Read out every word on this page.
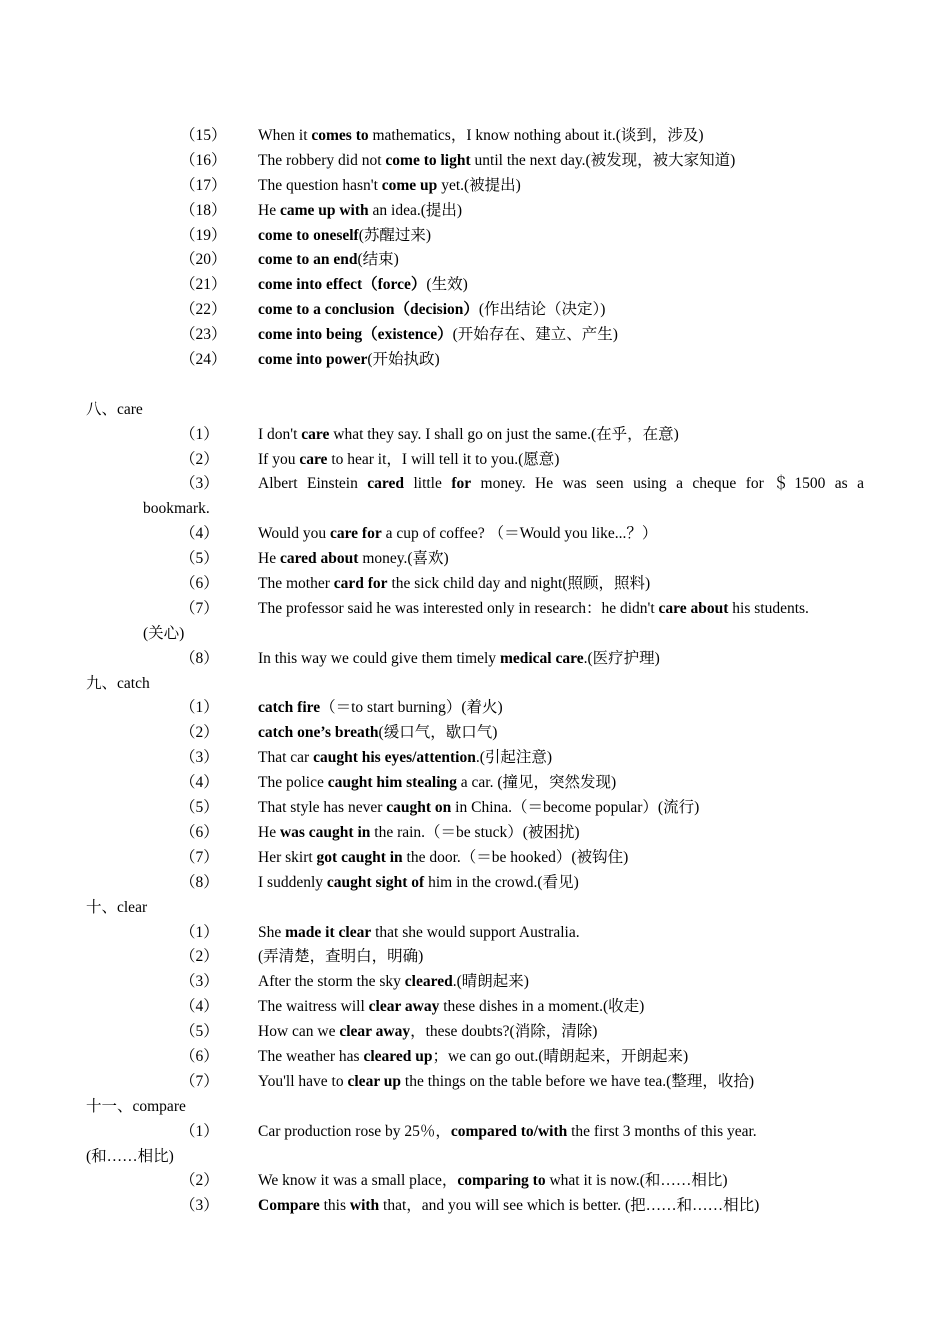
（15）	When it comes to mathematics，I know nothing about it.(谈到，涉及)
（16）	The robbery did not come to light until the next day.(被发现，被大家知道)
（17）	The question hasn't come up yet.(被提出)
（18）	He came up with an idea.(提出)
（19）	come to oneself(苏醒过来)
（20）	come to an end(结束)
（21）	come into effect（force）(生效)
（22）	come to a conclusion（decision）(作出结论（决定）)
（23）	come into being（existence）(开始存在、建立、产生)
（24）	come into power(开始执政)
八、care
（1）	I don't care what they say. I shall go on just the same.(在乎，在意)
（2）	If you care to hear it，I will tell it to you.(愿意)
（3）	Albert Einstein cared little for money. He was seen using a cheque for ＄1500 as a
bookmark.
（4）	Would you care for a cup of coffee? （＝Would you like...？）
（5）	He cared about money.(喜欢)
（6）	The mother card for the sick child day and night(照顾，照料)
（7）	The professor said he was interested only in research：he didn't care about his students.
(关心)
（8）	In this way we could give them timely medical care.(医疗护理)
九、catch
（1）	catch fire（＝to start burning）(着火)
（2）	catch one’s breath(缓口气，歇口气)
（3）	That car caught his eyes/attention.(引起注意)
（4）	The police caught him stealing a car. (撞见，突然发现)
（5）	That style has never caught on in China.（＝become popular）(流行)
（6）	He was caught in the rain.（＝be stuck）(被困扰)
（7）	Her skirt got caught in the door.（＝be hooked）(被钩住)
（8）	I suddenly caught sight of him in the crowd.(看见)
十、clear
（1）	She made it clear that she would support Australia.
（2）	(弄清楚，查明白，明确)
（3）	After the storm the sky cleared.(晴朗起来)
（4）	The waitress will clear away these dishes in a moment.(收走)
（5）	How can we clear away，these doubts?(消除，清除)
（6）	The weather has cleared up；we can go out.(晴朗起来，开朗起来)
（7）	You'll have to clear up the things on the table before we have tea.(整理，收拾)
十一、compare
（1）	Car production rose by 25％，compared to/with the first 3 months of this year.
(和……相比)
（2）	We know it was a small place，comparing to what it is now.(和……相比)
（3）	Compare this with that，and you will see which is better. (把……和……相比)
